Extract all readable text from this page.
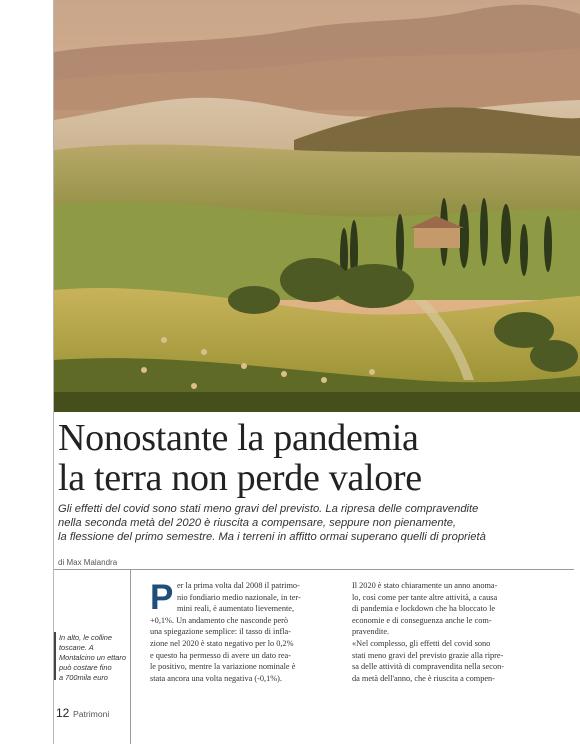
Nonostante la pandemia
la terra non perde valore

Gli effetti del covid sono stati meno gravi del previsto. La ripresa delle compravendite
nella seconda metà del 2020 è riuscita a compensare, seppure non pienamente,
la flessione del primo semestre. Ma i terreni in affitto ormai superano quelli di proprietà

di Max Malandra
In alto, le colline
toscane. A
Montalcino un ettaro
può costare fino
a 700mila euro
P er la prima volta dal 2008 il patrimo-
nio fondiario medio nazionale, in ter-
mini reali, è aumentato lievemente,
+0,1%. Un andamento che nasconde però
una spiegazione semplice: il tasso di infla-
zione nel 2020 è stato negativo per lo 0,2%
e questo ha permesso di avere un dato rea-
le positivo, mentre la variazione nominale è
stata ancora una volta negativa (-0,1%).
Il 2020 è stato chiaramente un anno anoma-
lo, così come per tante altre attività, a causa
di pandemia e lockdown che ha bloccato le
economie e di conseguenza anche le com-
pravendite.
«Nel complesso, gli effetti del covid sono
stati meno gravi del previsto grazie alla ripre-
sa delle attività di compravendita nella secon-
da metà dell'anno, che è riuscita a compen-
12 Patrimoni
